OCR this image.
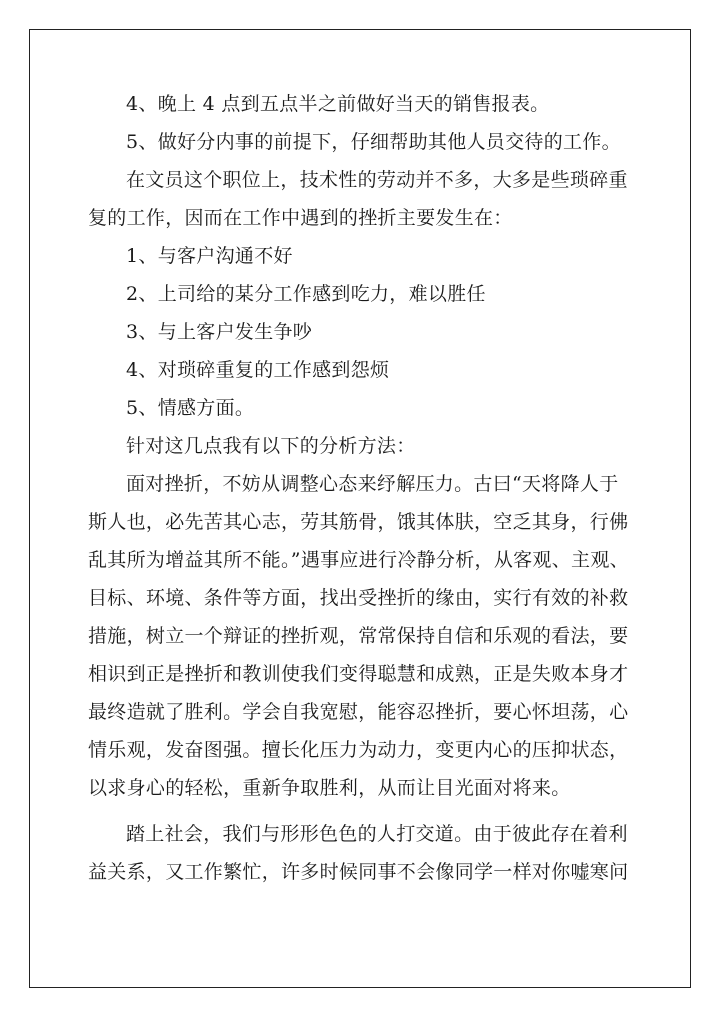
4、晚上 4 点到五点半之前做好当天的销售报表。
5、做好分内事的前提下，仔细帮助其他人员交待的工作。
在文员这个职位上，技术性的劳动并不多，大多是些琐碎重
复的工作，因而在工作中遇到的挫折主要发生在：
1、与客户沟通不好
2、上司给的某分工作感到吃力，难以胜任
3、与上客户发生争吵
4、对琐碎重复的工作感到怨烦
5、情感方面。
针对这几点我有以下的分析方法：
面对挫折，不妨从调整心态来纾解压力。古曰“天将降人于
斯人也，必先苦其心志，劳其筋骨，饿其体肤，空乏其身，行佛
乱其所为增益其所不能。”遇事应进行冷静分析，从客观、主观、
目标、环境、条件等方面，找出受挫折的缘由，实行有效的补救
措施，树立一个辩证的挫折观，常常保持自信和乐观的看法，要
相识到正是挫折和教训使我们变得聪慧和成熟，正是失败本身才
最终造就了胜利。学会自我宽慰，能容忍挫折，要心怀坦荡，心
情乐观，发奋图强。擅长化压力为动力，变更内心的压抑状态，
以求身心的轻松，重新争取胜利，从而让目光面对将来。
踏上社会，我们与形形色色的人打交道。由于彼此存在着利
益关系，又工作繁忙，许多时候同事不会像同学一样对你嘘寒问
